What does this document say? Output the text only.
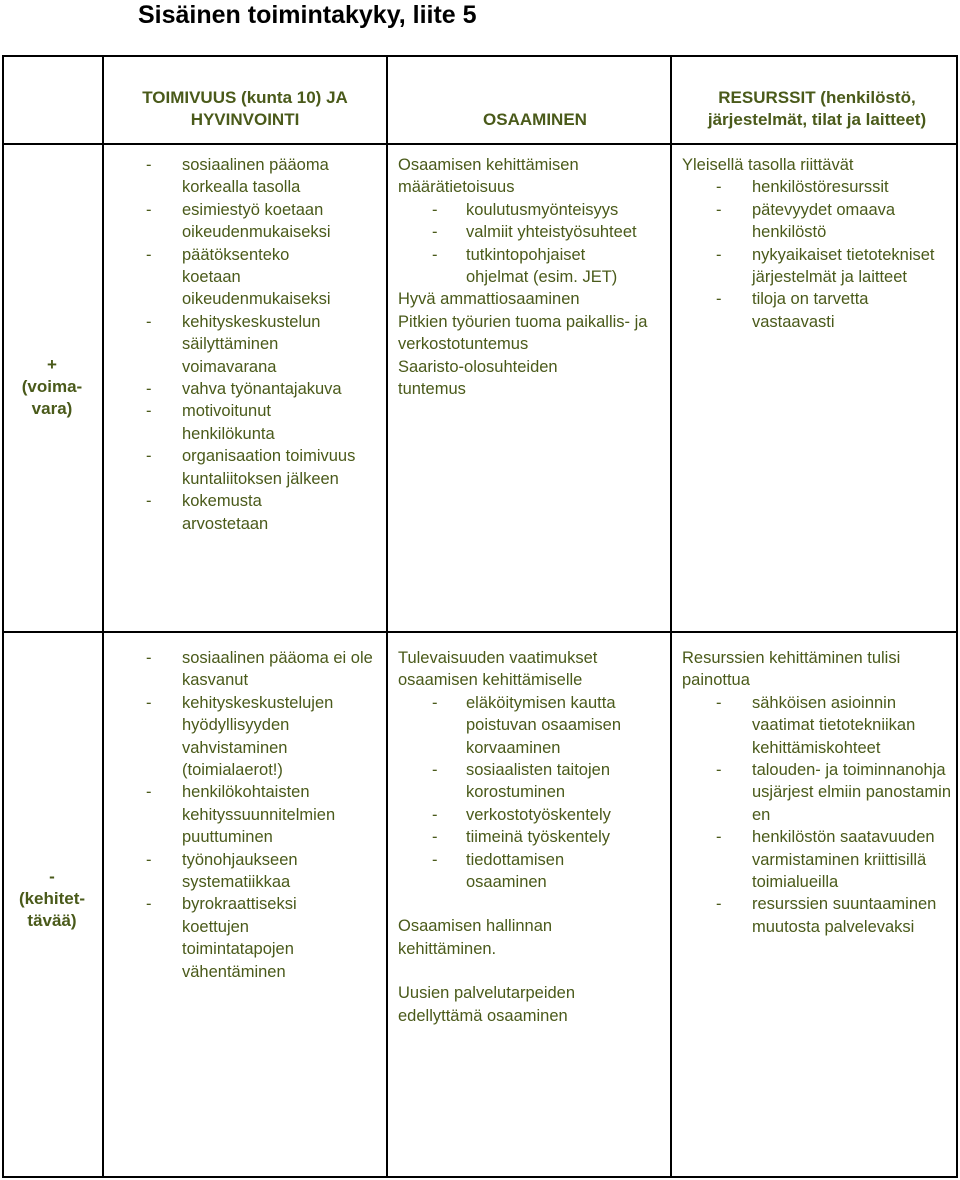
Sisäinen toimintakyky, liite 5
TOIMIVUUS (kunta 10) JA HYVINVOINTI	OSAAMINEN
RESURSSIT (henkilöstö, järjestelmät, tilat ja laitteet)
+
(voima-vara)
-
(kehitet-tävää)
- sosiaalinen pääoma korkealla tasolla
- esimiestyö koetaan oikeudenmukaiseksi
- päätöksenteko koetaan oikeudenmukaiseksi
- kehityskeskustelun säilyttäminen voimavarana
- vahva työnantajakuva
- motivoitunut henkilökunta
- organisaation toimivuus kuntaliitoksen jälkeen
- kokemusta arvostetaan
Osaamisen kehittämisen määrätietoisuus
- koulutusmyönteisyys
- valmiit yhteistyösuhteet
- tutkintopohjaiset ohjelmat (esim. JET)
Hyvä ammattiosaaminen
Pitkien työurien tuoma paikallis- ja verkostotuntemus
Saaristo-olosuhteiden tuntemus
Yleisellä tasolla riittävät
- henkilöstöresurssit
- pätevyydet omaava henkilöstö
- nykyaikaiset tietotekniset järjestelmät ja laitteet
- tiloja on tarvetta vastaavasti
- sosiaalinen pääoma ei ole kasvanut
- kehityskeskustelujen hyödyllisyyden vahvistaminen (toimialaerot!)
- henkilökohtaisten kehityssuunnitelmien puuttuminen
- työnohjaukseen systematiikkaa
- byrokraattiseksi koettujen toimintatapojen vähentäminen
Tulevaisuuden vaatimukset osaamisen kehittämiselle
- eläköitymisen kautta poistuvan osaamisen korvaaminen
- sosiaalisten taitojen korostuminen
- verkostotyöskentely
- tiimeinä työskentely
- tiedottamisen osaaminen
Osaamisen hallinnan kehittäminen.
Uusien palvelutarpeiden edellyttämä osaaminen
Resurssien kehittäminen tulisi painottua
- sähköisen asioinnin vaatimat tietotekniikan kehittämiskohteet
- talouden- ja toiminnanohjausjärjest elmiin panostaminen
- henkilöstön saatavuuden varmistaminen kriittisillä toimialueilla
- resurssien suuntaaminen muutosta palvelevaksi
